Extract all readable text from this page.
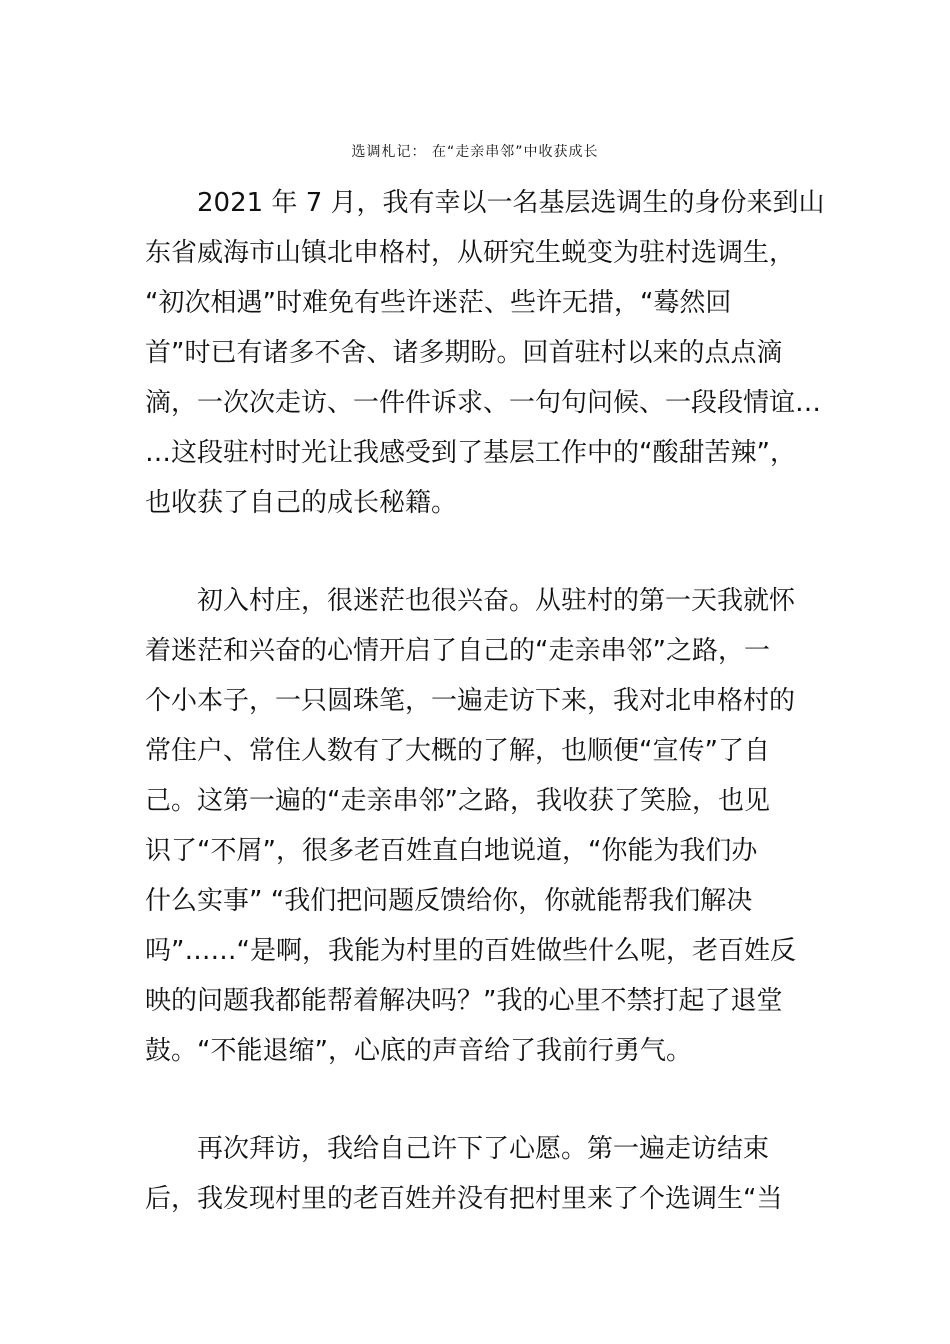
选调札记： 在“走亲串邻”中收获成长

　　2021 年 7 月，我有幸以一名基层选调生的身份来到山

东省威海市山镇北申格村，从研究生蜕变为驻村选调生，

“初次相遇”时难免有些许迷茫、些许无措，“蓦然回

首”时已有诸多不舍、诸多期盼。回首驻村以来的点点滴

滴，一次次走访、一件件诉求、一句句问候、一段段情谊…

…这段驻村时光让我感受到了基层工作中的“酸甜苦辣”，

也收获了自己的成长秘籍。

　　初入村庄，很迷茫也很兴奋。从驻村的第一天我就怀

着迷茫和兴奋的心情开启了自己的“走亲串邻”之路，一

个小本子，一只圆珠笔，一遍走访下来，我对北申格村的

常住户、常住人数有了大概的了解，也顺便“宣传”了自

己。这第一遍的“走亲串邻”之路，我收获了笑脸，也见

识了“不屑”，很多老百姓直白地说道，“你能为我们办

什么实事” “我们把问题反馈给你，你就能帮我们解决

吗”……“是啊，我能为村里的百姓做些什么呢，老百姓反

映的问题我都能帮着解决吗？”我的心里不禁打起了退堂

鼓。“不能退缩”，心底的声音给了我前行勇气。

　　再次拜访，我给自己许下了心愿。第一遍走访结束

后，我发现村里的老百姓并没有把村里来了个选调生“当
